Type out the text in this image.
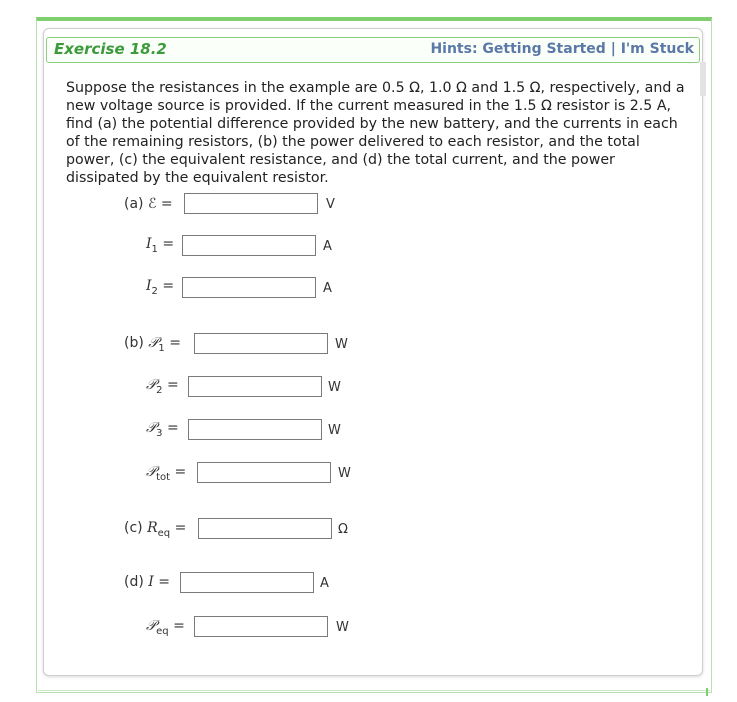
Exercise 18.2	Hints: Getting Started | I'm Stuck
Suppose the resistances in the example are 0.5 Ω, 1.0 Ω and 1.5 Ω, respectively, and a new voltage source is provided. If the current measured in the 1.5 Ω resistor is 2.5 A, find (a) the potential difference provided by the new battery, and the currents in each of the remaining resistors, (b) the power delivered to each resistor, and the total power, (c) the equivalent resistance, and (d) the total current, and the power dissipated by the equivalent resistor.
(a) ℰ =	V
$I_1$ =	A
$I_2$ =	A
(b) 𝒫$_1$ =	W
𝒫$_2$ =	W
𝒫$_3$ =	W
𝒫$_{tot}$ =	W
(c) $R_{eq}$ =	Ω
(d) I =	A
𝒫$_{eq}$ =	W
